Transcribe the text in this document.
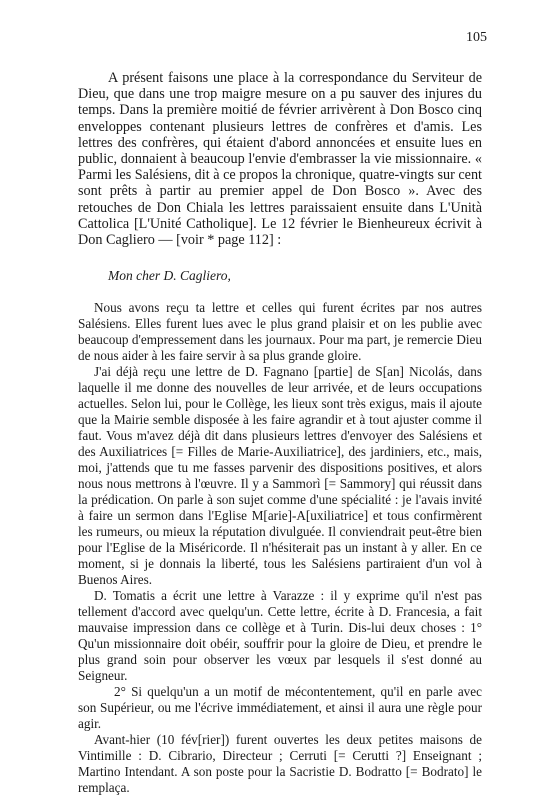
105

A présent faisons une place à la correspondance du Serviteur de Dieu, que dans une trop maigre mesure on a pu sauver des injures du temps. Dans la première moitié de février arrivèrent à Don Bosco cinq enveloppes contenant plusieurs lettres de confrères et d'amis. Les lettres des confrères, qui étaient d'abord annoncées et ensuite lues en public, donnaient à beaucoup l'envie d'embrasser la vie missionnaire. « Parmi les Salésiens, dit à ce propos la chronique, quatre-vingts sur cent sont prêts à partir au premier appel de Don Bosco ». Avec des retouches de Don Chiala les lettres paraissaient ensuite dans L'Unità Cattolica [L'Unité Catholique]. Le 12 février le Bienheureux écrivit à Don Cagliero — [voir * page 112] :

Mon cher D. Cagliero,

Nous avons reçu ta lettre et celles qui furent écrites par nos autres Salésiens. Elles furent lues avec le plus grand plaisir et on les publie avec beaucoup d'empressement dans les journaux. Pour ma part, je remercie Dieu de nous aider à les faire servir à sa plus grande gloire.

J'ai déjà reçu une lettre de D. Fagnano [partie] de S[an] Nicolás, dans laquelle il me donne des nouvelles de leur arrivée, et de leurs occupations actuelles. Selon lui, pour le Collège, les lieux sont très exigus, mais il ajoute que la Mairie semble disposée à les faire agrandir et à tout ajuster comme il faut. Vous m'avez déjà dit dans plusieurs lettres d'envoyer des Salésiens et des Auxiliatrices [= Filles de Marie-Auxiliatrice], des jardiniers, etc., mais, moi, j'attends que tu me fasses parvenir des dispositions positives, et alors nous nous mettrons à l'œuvre. Il y a Sammorì [= Sammory] qui réussit dans la prédication. On parle à son sujet comme d'une spécialité : je l'avais invité à faire un sermon dans l'Eglise M[arie]-A[uxiliatrice] et tous confirmèrent les rumeurs, ou mieux la réputation divulguée. Il conviendrait peut-être bien pour l'Eglise de la Miséricorde. Il n'hésiterait pas un instant à y aller. En ce moment, si je donnais la liberté, tous les Salésiens partiraient d'un vol à Buenos Aires.

D. Tomatis a écrit une lettre à Varazze : il y exprime qu'il n'est pas tellement d'accord avec quelqu'un. Cette lettre, écrite à D. Francesia, a fait mauvaise impression dans ce collège et à Turin. Dis-lui deux choses : 1° Qu'un missionnaire doit obéir, souffrir pour la gloire de Dieu, et prendre le plus grand soin pour observer les vœux par lesquels il s'est donné au Seigneur.

2° Si quelqu'un a un motif de mécontentement, qu'il en parle avec son Supérieur, ou me l'écrive immédiatement, et ainsi il aura une règle pour agir.

Avant-hier (10 fév[rier]) furent ouvertes les deux petites maisons de Vintimille : D. Cibrario, Directeur ; Cerruti [= Cerutti ?] Enseignant ; Martino Intendant. A son poste pour la Sacristie D. Bodratto [= Bodrato] le remplaça.
